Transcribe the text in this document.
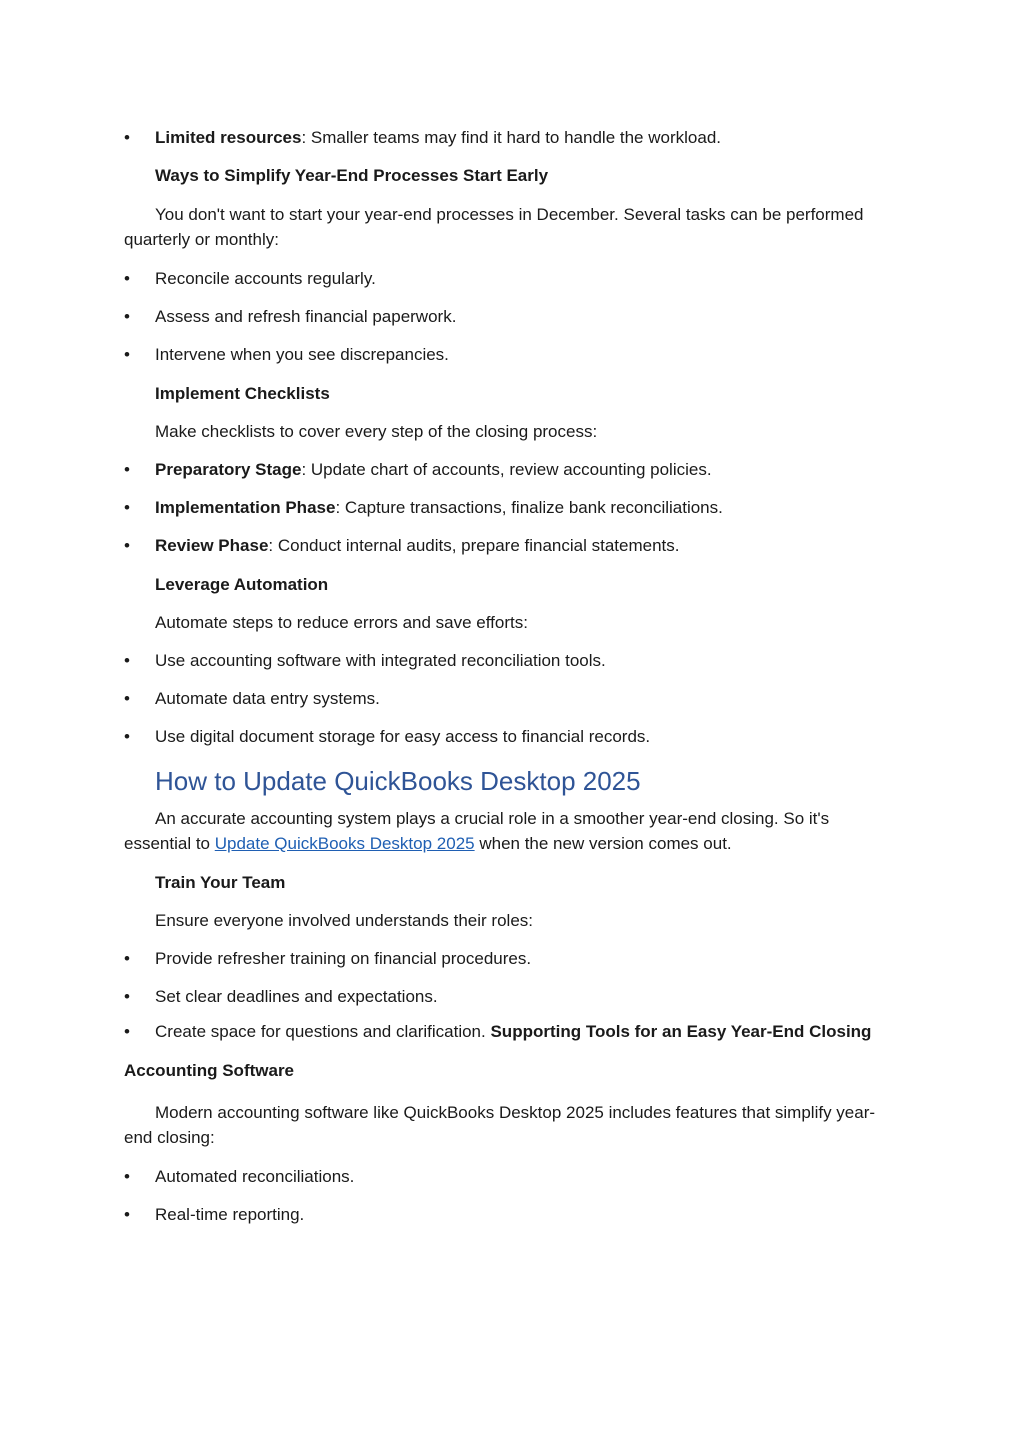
•	Limited resources: Smaller teams may find it hard to handle the workload.
Ways to Simplify Year-End Processes Start Early
You don't want to start your year-end processes in December. Several tasks can be performed
quarterly or monthly:
•	Reconcile accounts regularly.
•	Assess and refresh financial paperwork.
•	Intervene when you see discrepancies.
Implement Checklists
Make checklists to cover every step of the closing process:
•	Preparatory Stage: Update chart of accounts, review accounting policies.
•	Implementation Phase: Capture transactions, finalize bank reconciliations.
•	Review Phase: Conduct internal audits, prepare financial statements.
Leverage Automation
Automate steps to reduce errors and save efforts:
•	Use accounting software with integrated reconciliation tools.
•	Automate data entry systems.
•	Use digital document storage for easy access to financial records.
How to Update QuickBooks Desktop 2025
An accurate accounting system plays a crucial role in a smoother year-end closing. So it's
essential to Update QuickBooks Desktop 2025 when the new version comes out.
Train Your Team
Ensure everyone involved understands their roles:
•	Provide refresher training on financial procedures.
•	Set clear deadlines and expectations.
•	Create space for questions and clarification. Supporting Tools for an Easy Year-End Closing
Accounting Software
Modern accounting software like QuickBooks Desktop 2025 includes features that simplify year-
end closing:
•	Automated reconciliations.
•	Real-time reporting.
